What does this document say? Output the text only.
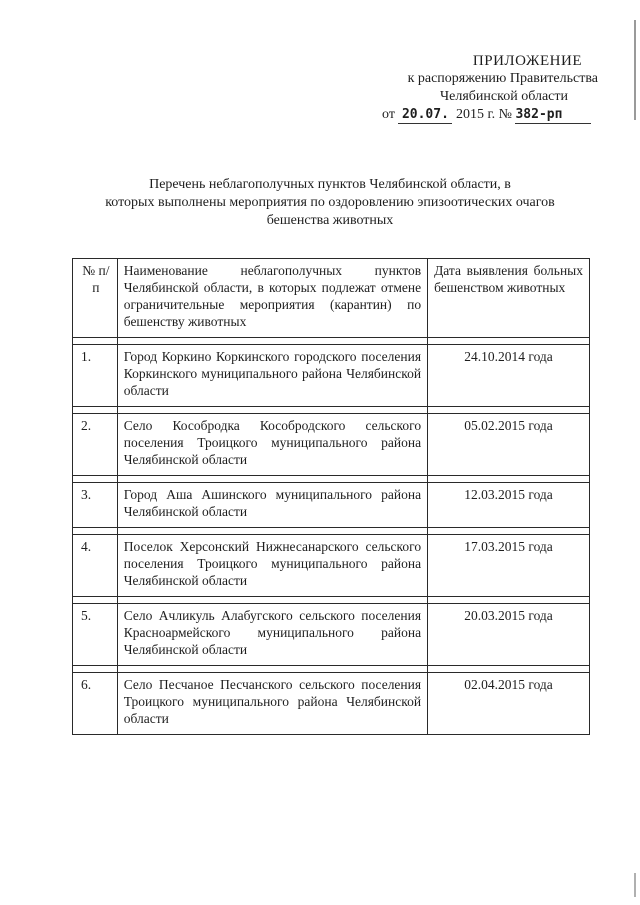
ПРИЛОЖЕНИЕ
к распоряжению Правительства
Челябинской области
от 20.07. 2015 г. № 382-рп
Перечень неблагополучных пунктов Челябинской области, в
которых выполнены мероприятия по оздоровлению эпизоотических очагов
бешенства животных
№ п/п	Наименование неблагополучных пунктов Челябинской области, в которых подлежат отмене ограничительные мероприятия (карантин) по бешенству животных	Дата выявления больных бешенством животных

1.	Город Коркино Коркинского городского поселения Коркинского муниципального района Челябинской области	24.10.2014 года

2.	Село Кособродка Кособродского сельского поселения Троицкого муниципального района Челябинской области	05.02.2015 года

3.	Город Аша Ашинского муниципального района Челябинской области	12.03.2015 года

4.	Поселок Херсонский Нижнесанарского сельского поселения Троицкого муниципального района Челябинской области	17.03.2015 года

5.	Село Ачликуль Алабугского сельского поселения Красноармейского муниципального района Челябинской области	20.03.2015 года

6.	Село Песчаное Песчанского сельского поселения Троицкого муниципального района Челябинской области	02.04.2015 года
